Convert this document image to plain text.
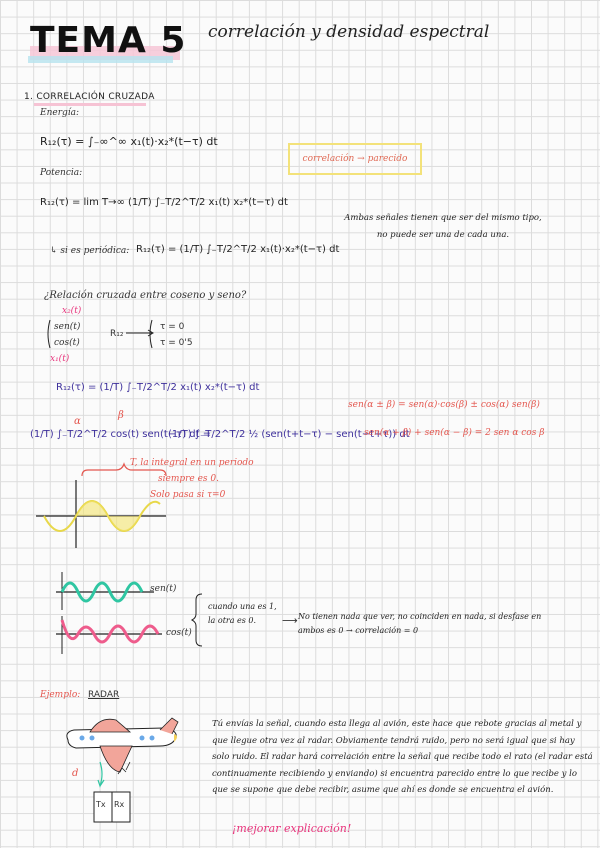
TEMA 5 correlación y densidad espectral
1. CORRELACIÓN CRUZADA
Energía:
R₁₂(τ) = ∫₋∞^∞ x₁(t)·x₂*(t−τ) dt
correlación → parecido
Potencia:
R₁₂(τ) = lim T→∞ (1/T) ∫₋T/2^T/2 x₁(t) x₂*(t−τ) dt
Ambas señales tienen que ser del mismo tipo, no puede ser una de cada una.
↳ si es periódica: R₁₂(τ) = (1/T) ∫₋T/2^T/2 x₁(t)·x₂*(t−τ) dt
¿Relación cruzada entre coseno y seno?
x₂(t)
sen(t)
cos(t)
x₁(t)
R₁₂
τ = 0
τ = 0'5
R₁₂(τ) = (1/T) ∫₋T/2^T/2 x₁(t) x₂*(t−τ) dt
sen(α ± β) = sen(α)·cos(β) ± cos(α) sen(β)
α
β
(1/T) ∫₋T/2^T/2 cos(t) sen(t−τ) dt =
(1/T) ∫₋T/2^T/2 ½ (sen(t+t−τ) − sen(t−t+τ)) dt
sen(α + β) + sen(α − β) = 2 sen α cos β
T, la integral en un periodo
siempre es 0.
Solo pasa si τ=0
sen(t)
cos(t)
cuando una es 1, la otra es 0.	⟶ No tienen nada que ver, no coinciden en nada, si desfase en ambos es 0 → correlación = 0
Ejemplo: RADAR
d
Tx Rx
Tú envías la señal, cuando esta llega al avión, este hace que rebote gracias al metal y que llegue otra vez al radar. Obviamente tendrá ruido, pero no será igual que si hay solo ruido. El radar hará correlación entre la señal que recibe todo el rato (el radar está continuamente recibiendo y enviando) si encuentra parecido entre lo que recibe y lo que se supone que debe recibir, asume que ahí es donde se encuentra el avión.
¡mejorar explicación!
